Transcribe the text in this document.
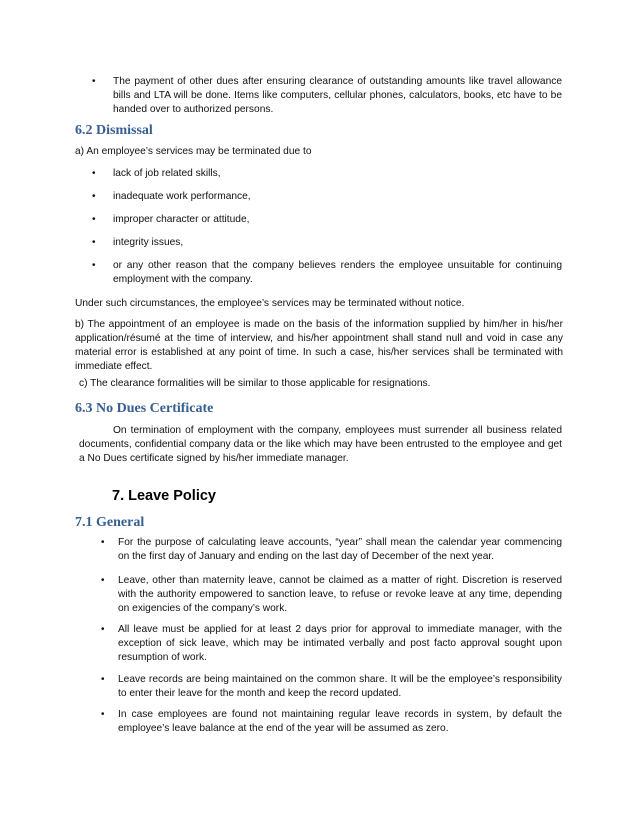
•	The payment of other dues after ensuring clearance of outstanding amounts like travel allowance bills and LTA will be done. Items like computers, cellular phones, calculators, books, etc have to be handed over to authorized persons.
6.2 Dismissal
a) An employee’s services may be terminated due to
•	lack of job related skills,
•	inadequate work performance,
•	improper character or attitude,
•	integrity issues,
•	or any other reason that the company believes renders the employee unsuitable for continuing employment with the company.
Under such circumstances, the employee’s services may be terminated without notice.
b) The appointment of an employee is made on the basis of the information supplied by him/her in his/her application/résumé at the time of interview, and his/her appointment shall stand null and void in case any material error is established at any point of time. In such a case, his/her services shall be terminated with immediate effect.
c) The clearance formalities will be similar to those applicable for resignations.
6.3 No Dues Certificate
On termination of employment with the company, employees must surrender all business related documents, confidential company data or the like which may have been entrusted to the employee and get a No Dues certificate signed by his/her immediate manager.
7. Leave Policy
7.1 General
•	For the purpose of calculating leave accounts, “year” shall mean the calendar year commencing on the first day of January and ending on the last day of December of the next year.
•	Leave, other than maternity leave, cannot be claimed as a matter of right. Discretion is reserved with the authority empowered to sanction leave, to refuse or revoke leave at any time, depending on exigencies of the company’s work.
•	All leave must be applied for at least 2 days prior for approval to immediate manager, with the exception of sick leave, which may be intimated verbally and post facto approval sought upon resumption of work.
•	Leave records are being maintained on the common share. It will be the employee’s responsibility to enter their leave for the month and keep the record updated.
•	In case employees are found not maintaining regular leave records in system, by default the employee’s leave balance at the end of the year will be assumed as zero.
